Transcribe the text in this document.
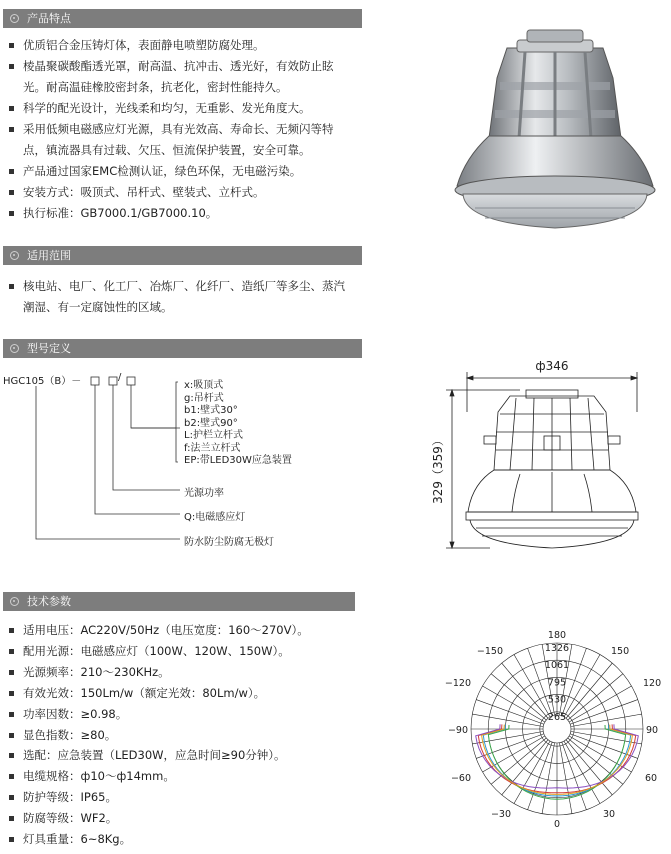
产品特点
优质铝合金压铸灯体，表面静电喷塑防腐处理。
棱晶聚碳酸酯透光罩，耐高温、抗冲击、透光好，有效防止眩
光。耐高温硅橡胶密封条，抗老化，密封性能持久。
科学的配光设计，光线柔和均匀，无重影、发光角度大。
采用低频电磁感应灯光源，具有光效高、寿命长、无频闪等特
点，镇流器具有过载、欠压、恒流保护装置，安全可靠。
产品通过国家EMC检测认证，绿色环保，无电磁污染。
安装方式：吸顶式、吊杆式、壁装式、立杆式。
执行标准：GB7000.1/GB7000.10。
适用范围
核电站、电厂、化工厂、冶炼厂、化纤厂、造纸厂等多尘、蒸汽
潮湿、有一定腐蚀性的区域。
型号定义
HGC105（B）－	/
x:吸顶式
g:吊杆式
b1:壁式30°
b2:壁式90°
L:护栏立杆式
f:法兰立杆式
EP:带LED30W应急装置
光源功率
Q:电磁感应灯
防水防尘防腐无极灯
ф346
329（359）
技术参数
适用电压：AC220V/50Hz（电压宽度：160～270V）。
配用光源：电磁感应灯（100W、120W、150W）。
光源频率：210～230KHz。
有效光效：150Lm/w（额定光效：80Lm/w）。
功率因数：≥0.98。
显色指数：≥80。
选配：应急装置（LED30W，应急时间≥90分钟）。
电缆规格：ф10～ф14mm。
防护等级：IP65。
防腐等级：WF2。
灯具重量：6~8Kg。
1326
1061
795
530
265
180
−150	150
−120	120
−90	90
−60	60
−30	30
0
